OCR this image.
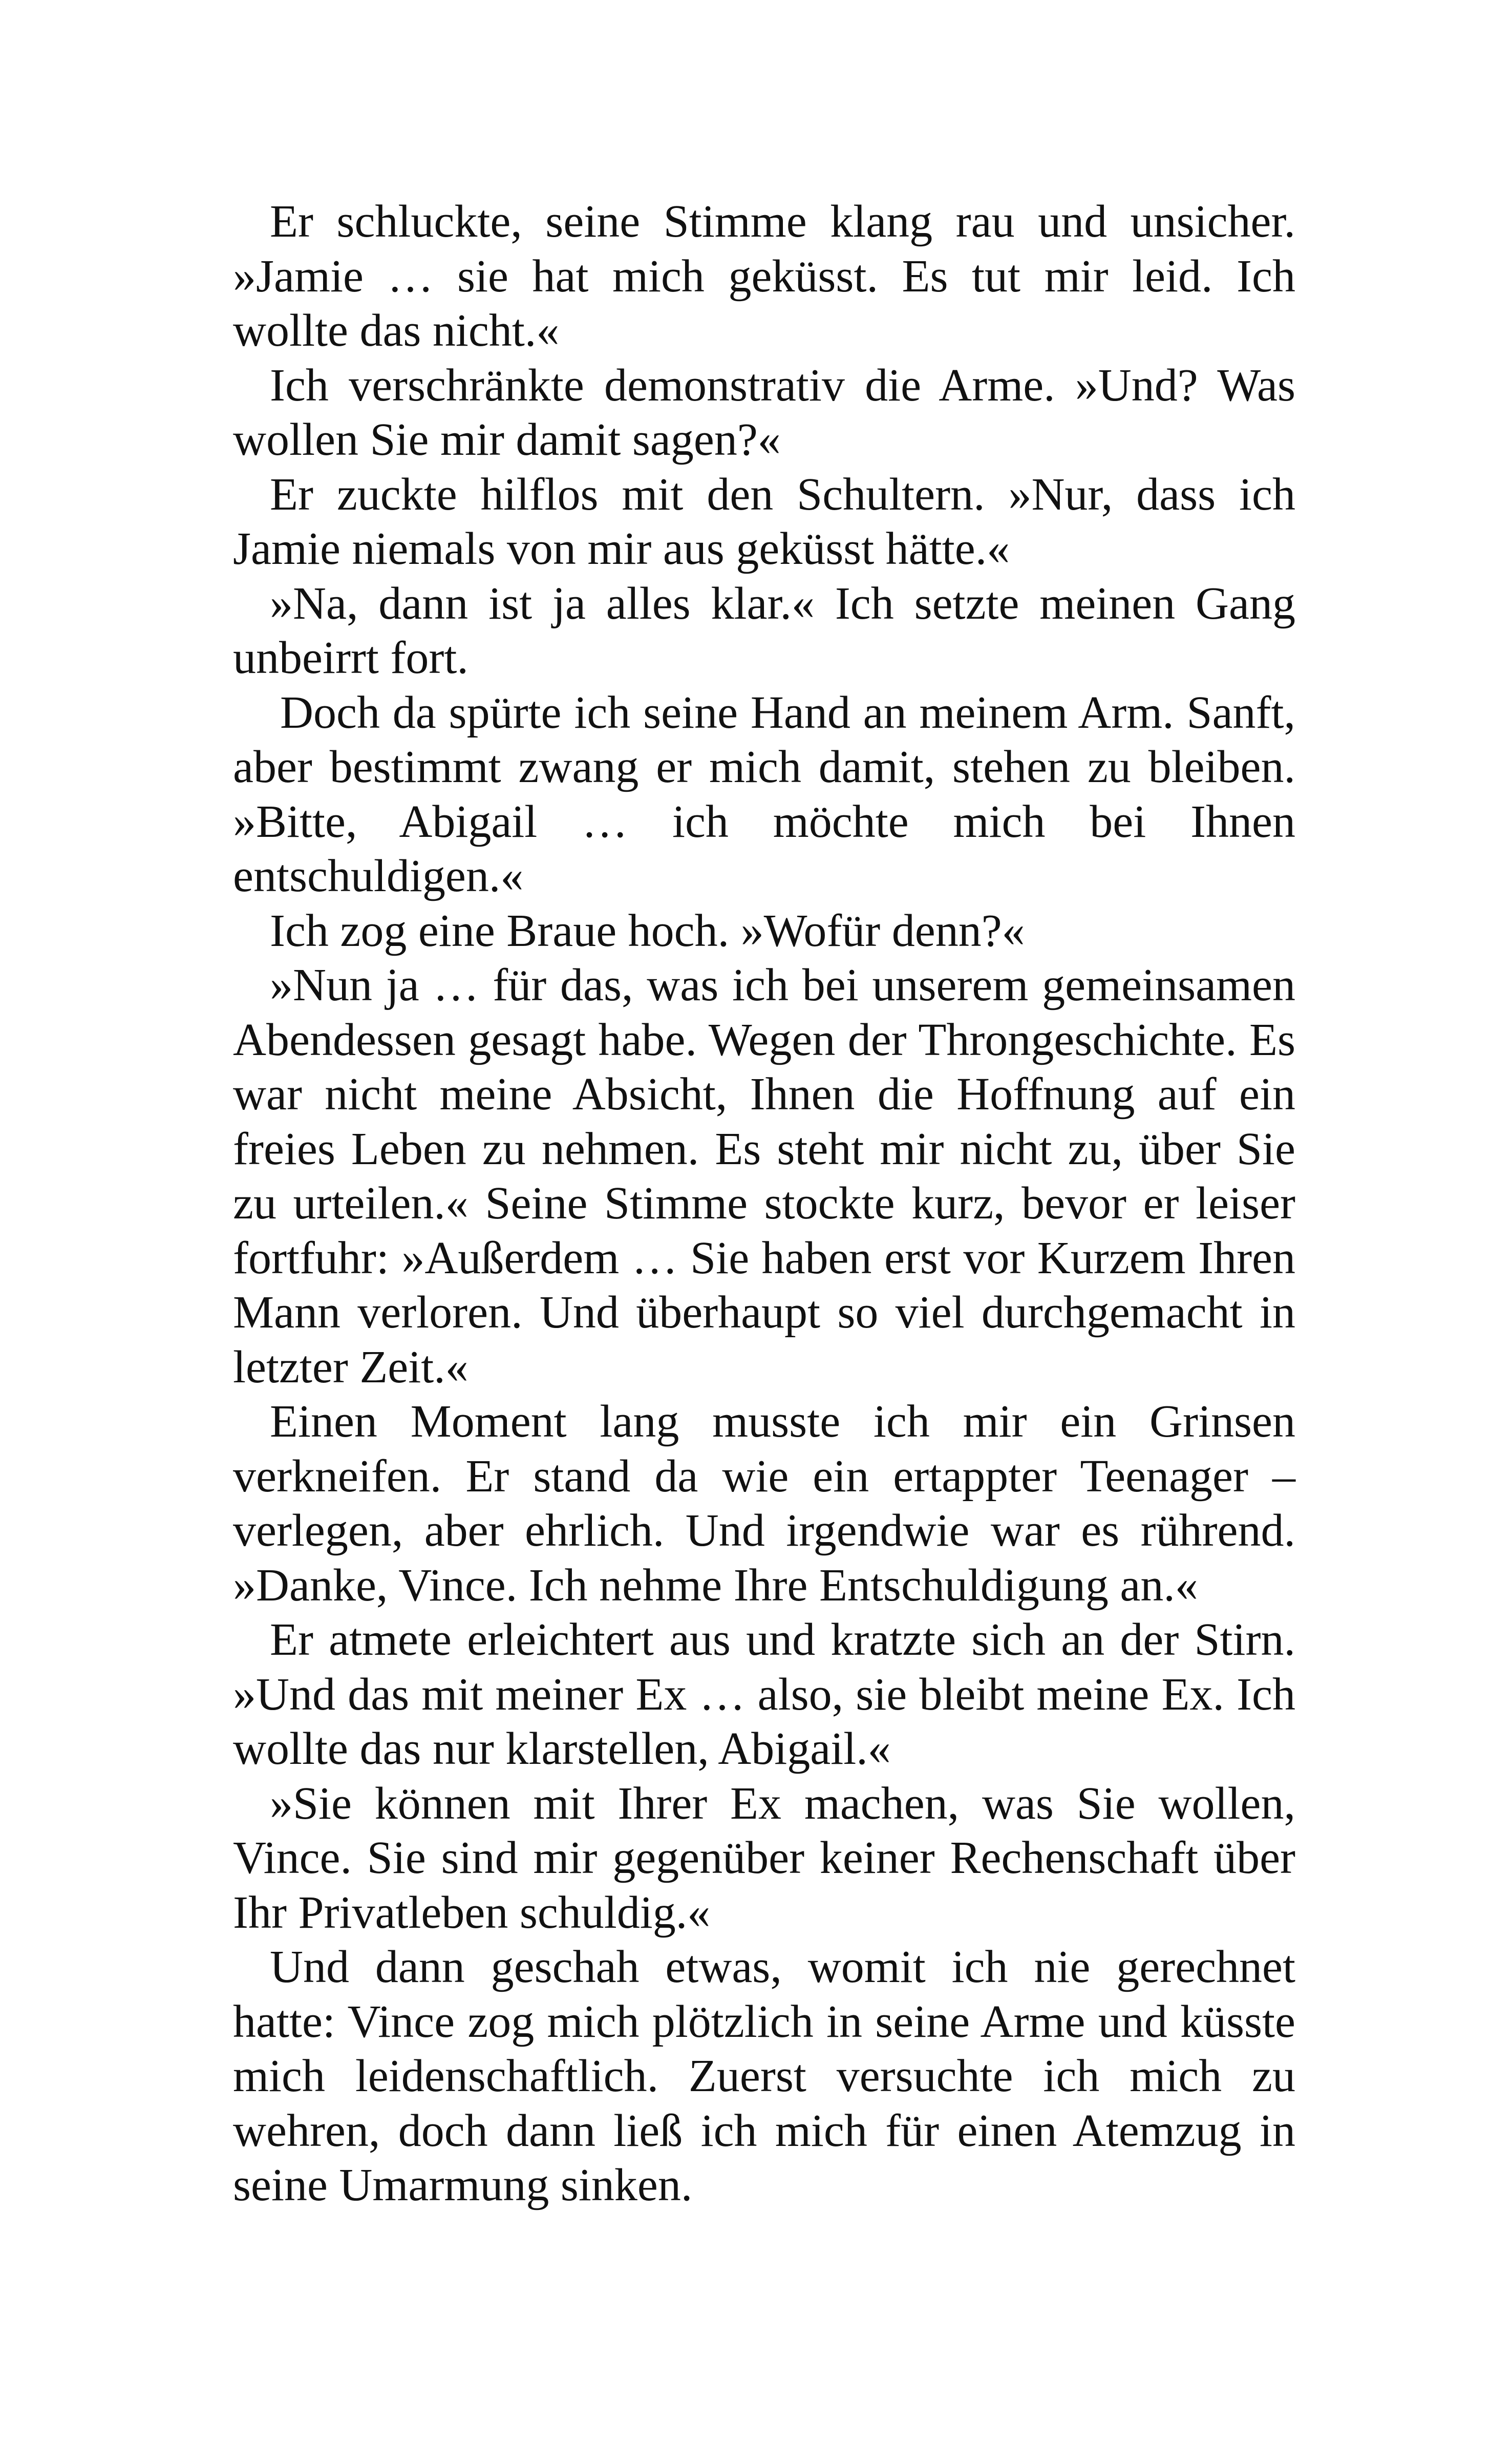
Er schluckte, seine Stimme klang rau und unsicher. »Jamie … sie hat mich geküsst. Es tut mir leid. Ich wollte das nicht.«

Ich verschränkte demonstrativ die Arme. »Und? Was wollen Sie mir damit sagen?«

Er zuckte hilflos mit den Schultern. »Nur, dass ich Jamie niemals von mir aus geküsst hätte.«

»Na, dann ist ja alles klar.« Ich setzte meinen Gang unbeirrt fort.

Doch da spürte ich seine Hand an meinem Arm. Sanft, aber bestimmt zwang er mich damit, stehen zu bleiben. »Bitte, Abigail … ich möchte mich bei Ihnen entschuldigen.«

Ich zog eine Braue hoch. »Wofür denn?«

»Nun ja … für das, was ich bei unserem gemeinsamen Abendessen gesagt habe. Wegen der Throngeschichte. Es war nicht meine Absicht, Ihnen die Hoffnung auf ein freies Leben zu nehmen. Es steht mir nicht zu, über Sie zu urteilen.« Seine Stimme stockte kurz, bevor er leiser fortfuhr: »Außerdem … Sie haben erst vor Kurzem Ihren Mann verloren. Und überhaupt so viel durchgemacht in letzter Zeit.«

Einen Moment lang musste ich mir ein Grinsen verkneifen. Er stand da wie ein ertappter Teenager – verlegen, aber ehrlich. Und irgendwie war es rührend. »Danke, Vince. Ich nehme Ihre Entschuldigung an.«

Er atmete erleichtert aus und kratzte sich an der Stirn. »Und das mit meiner Ex … also, sie bleibt meine Ex. Ich wollte das nur klarstellen, Abigail.«

»Sie können mit Ihrer Ex machen, was Sie wollen, Vince. Sie sind mir gegenüber keiner Rechenschaft über Ihr Privatleben schuldig.«

Und dann geschah etwas, womit ich nie gerechnet hatte: Vince zog mich plötzlich in seine Arme und küsste mich leidenschaftlich. Zuerst versuchte ich mich zu wehren, doch dann ließ ich mich für einen Atemzug in seine Umarmung sinken.
